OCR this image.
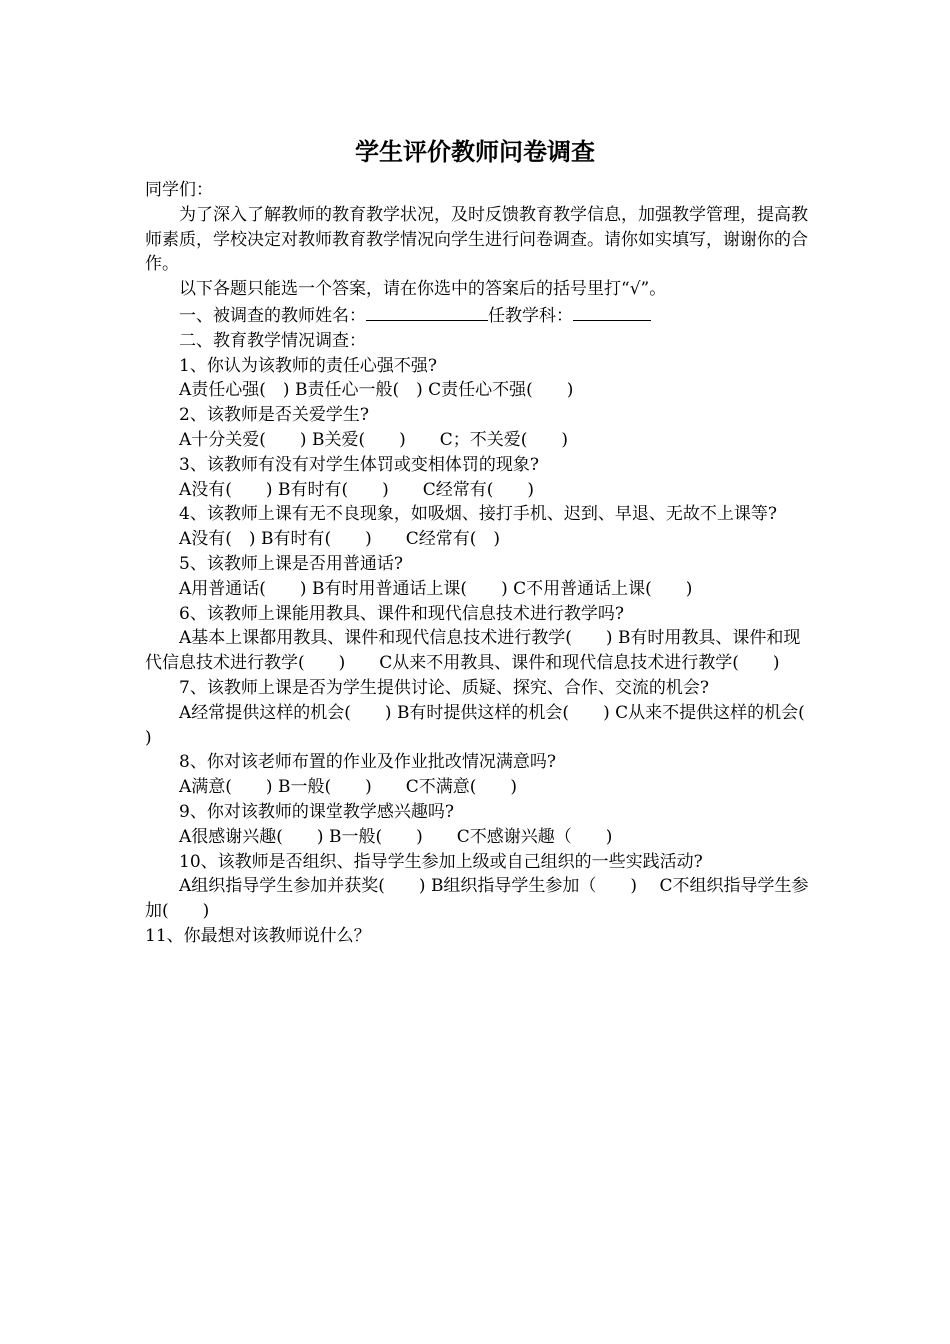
学生评价教师问卷调查

同学们：

为了深入了解教师的教育教学状况，及时反馈教育教学信息，加强教学管理，提高教师素质，学校决定对教师教育教学情况向学生进行问卷调查。请你如实填写，谢谢你的合作。

以下各题只能选一个答案，请在你选中的答案后的括号里打“√”。

一、被调查的教师姓名：	任教学科：

二、教育教学情况调查：

1、你认为该教师的责任心强不强?

A责任心强(　) B责任心一般(　) C责任心不强(　　)

2、该教师是否关爱学生?

A十分关爱(　　) B关爱(　　)　　C；不关爱(　　)

3、该教师有没有对学生体罚或变相体罚的现象?

A没有(　　) B有时有(　　)　　C经常有(　　)

4、该教师上课有无不良现象，如吸烟、接打手机、迟到、早退、无故不上课等?

A没有(　) B有时有(　　)　　C经常有(　)

5、该教师上课是否用普通话?

A用普通话(　　) B有时用普通话上课(　　) C不用普通话上课(　　)

6、该教师上课能用教具、课件和现代信息技术进行教学吗?

A基本上课都用教具、课件和现代信息技术进行教学(　　) B有时用教具、课件和现代信息技术进行教学(　　)　　C从来不用教具、课件和现代信息技术进行教学(　　)

7、该教师上课是否为学生提供讨论、质疑、探究、合作、交流的机会?

A经常提供这样的机会(　　) B有时提供这样的机会(　　) C从来不提供这样的机会(　　)

8、你对该老师布置的作业及作业批改情况满意吗?

A满意(　　) B一般(　　)　　C不满意(　　)

9、你对该教师的课堂教学感兴趣吗?

A很感谢兴趣(　　) B一般(　　)　　C不感谢兴趣（　　)

10、该教师是否组织、指导学生参加上级或自己组织的一些实践活动?

A组织指导学生参加并获奖(　　) B组织指导学生参加（　　)　 C不组织指导学生参加(　　)

11、你最想对该教师说什么？
